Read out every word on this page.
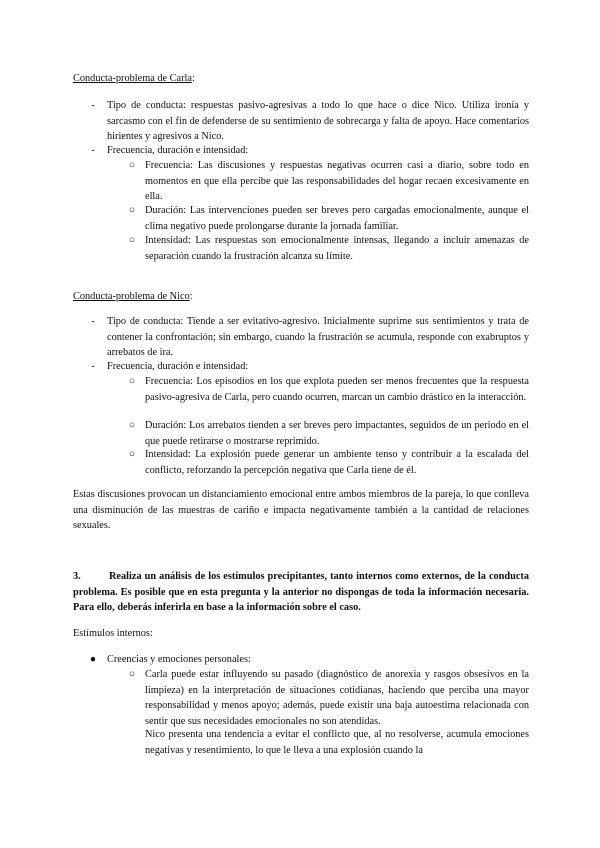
Conducta-problema de Carla:
-	Tipo de conducta: respuestas pasivo-agresivas a todo lo que hace o dice Nico. Utiliza ironía y sarcasmo con el fin de defenderse de su sentimiento de sobrecarga y falta de apoyo. Hace comentarios hirientes y agresivos a Nico.

-	Frecuencia, duración e intensidad:

○ Frecuencia: Las discusiones y respuestas negativas ocurren casi a diario, sobre todo en momentos en que ella percibe que las responsabilidades del hogar recaen excesivamente en ella.

○ Duración: Las intervenciones pueden ser breves pero cargadas emocionalmente, aunque el clima negativo puede prolongarse durante la jornada familiar.

○ Intensidad: Las respuestas son emocionalmente intensas, llegando a incluir amenazas de separación cuando la frustración alcanza su límite.

Conducta-problema de Nico:
-	Tipo de conducta: Tiende a ser evitativo-agresivo. Inicialmente suprime sus sentimientos y trata de contener la confrontación; sin embargo, cuando la frustración se acumula, responde con exabruptos y arrebatos de ira.

-	Frecuencia, duración e intensidad:

○ Frecuencia: Los episodios en los que explota pueden ser menos frecuentes que la respuesta pasivo-agresiva de Carla, pero cuando ocurren, marcan un cambio drástico en la interacción.

○ Duración: Los arrebatos tienden a ser breves pero impactantes, seguidos de un periodo en el que puede retirarse o mostrarse reprimido.

○ Intensidad: La explosión puede generar un ambiente tenso y contribuir a la escalada del conflicto, reforzando la percepción negativa que Carla tiene de él.

Estas discusiones provocan un distanciamiento emocional entre ambos miembros de la pareja, lo que conlleva una disminución de las muestras de cariño e impacta negativamente también a la cantidad de relaciones sexuales.

3.	Realiza un análisis de los estímulos precipitantes, tanto internos como externos, de la conducta problema. Es posible que en esta pregunta y la anterior no dispongas de toda la información necesaria. Para ello, deberás inferirla en base a la información sobre el caso.

Estímulos internos:

●	Creencias y emociones personales:

○ Carla puede estar influyendo su pasado (diagnóstico de anorexia y rasgos obsesivos en la limpieza) en la interpretación de situaciones cotidianas, haciendo que perciba una mayor responsabilidad y menos apoyo; además, puede existir una baja autoestima relacionada con sentir que sus necesidades emocionales no son atendidas.

Nico presenta una tendencia a evitar el conflicto que, al no resolverse, acumula emociones negativas y resentimiento, lo que le lleva a una explosión cuando la
